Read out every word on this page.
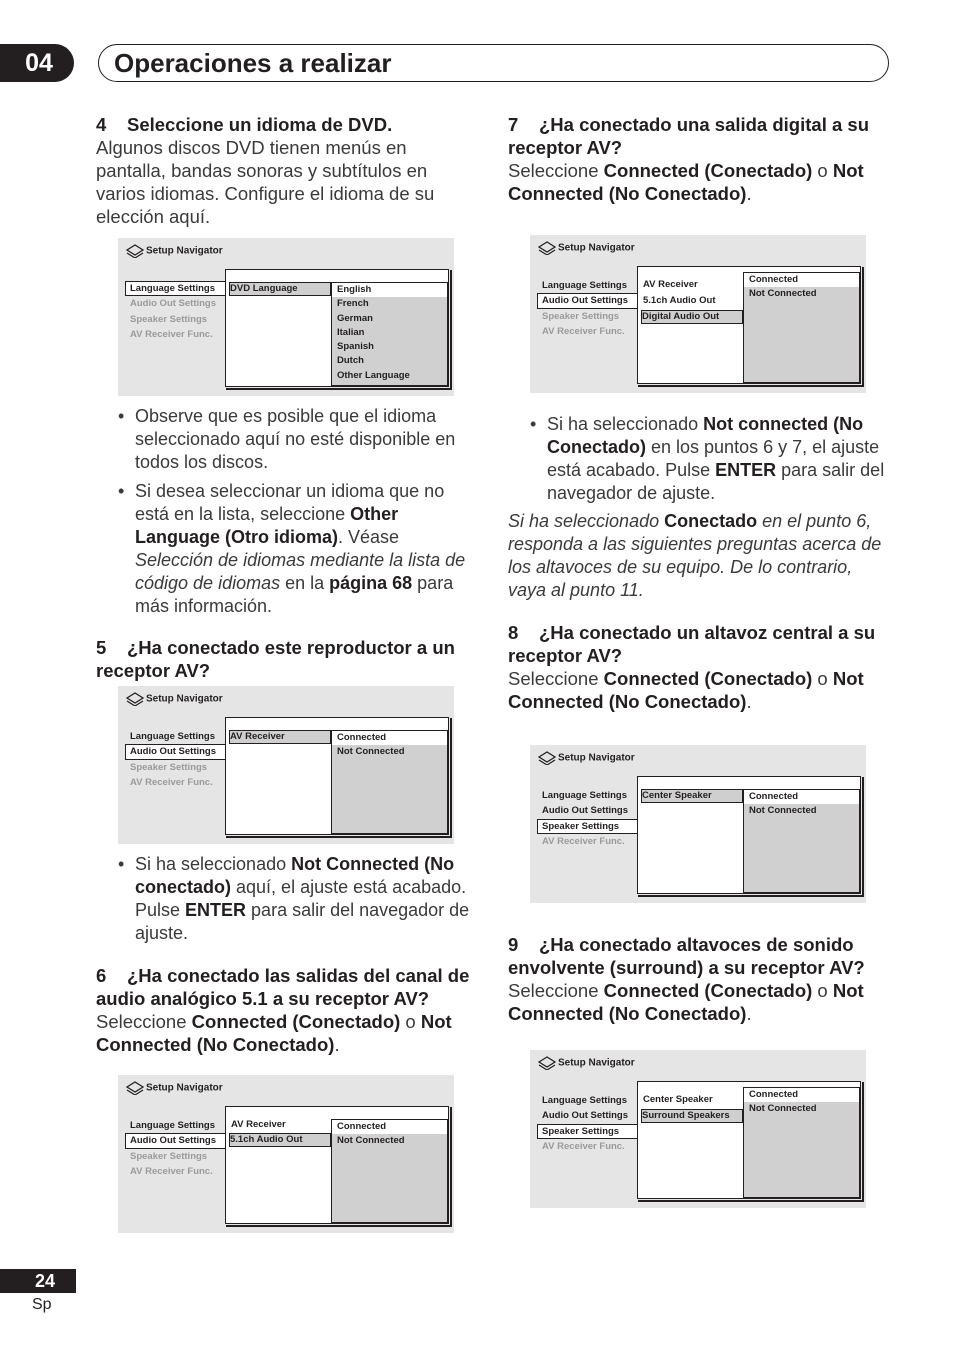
04	Operaciones a realizar
4 Seleccione un idioma de DVD.
Algunos discos DVD tienen menús en pantalla, bandas sonoras y subtítulos en varios idiomas. Configure el idioma de su elección aquí.
Setup Navigator
Language Settings
Audio Out Settings
Speaker Settings
AV Receiver Func.
DVD Language	English
French
German
Italian
Spanish
Dutch
Other Language
• Observe que es posible que el idioma seleccionado aquí no esté disponible en todos los discos.
• Si desea seleccionar un idioma que no está en la lista, seleccione Other Language (Otro idioma). Véase Selección de idiomas mediante la lista de código de idiomas en la página 68 para más información.
5 ¿Ha conectado este reproductor a un receptor AV?
Setup Navigator
Language Settings
Audio Out Settings
Speaker Settings
AV Receiver Func.
AV Receiver	Connected
Not Connected
• Si ha seleccionado Not Connected (No conectado) aquí, el ajuste está acabado. Pulse ENTER para salir del navegador de ajuste.
6 ¿Ha conectado las salidas del canal de audio analógico 5.1 a su receptor AV?
Seleccione Connected (Conectado) o Not Connected (No Conectado).
Setup Navigator
Language Settings
Audio Out Settings
Speaker Settings
AV Receiver Func.
AV Receiver
5.1ch Audio Out
Connected
Not Connected
7 ¿Ha conectado una salida digital a su receptor AV?
Seleccione Connected (Conectado) o Not Connected (No Conectado).
Setup Navigator
Language Settings
Audio Out Settings
Speaker Settings
AV Receiver Func.
AV Receiver
5.1ch Audio Out
Digital Audio Out
Connected
Not Connected
• Si ha seleccionado Not connected (No Conectado) en los puntos 6 y 7, el ajuste está acabado. Pulse ENTER para salir del navegador de ajuste.
Si ha seleccionado Conectado en el punto 6, responda a las siguientes preguntas acerca de los altavoces de su equipo. De lo contrario, vaya al punto 11.
8 ¿Ha conectado un altavoz central a su receptor AV?
Seleccione Connected (Conectado) o Not Connected (No Conectado).
Setup Navigator
Language Settings
Audio Out Settings
Speaker Settings
AV Receiver Func.
Center Speaker	Connected
Not Connected
9 ¿Ha conectado altavoces de sonido envolvente (surround) a su receptor AV?
Seleccione Connected (Conectado) o Not Connected (No Conectado).
Setup Navigator
Language Settings
Audio Out Settings
Speaker Settings
AV Receiver Func.
Center Speaker
Surround Speakers
Connected
Not Connected
24
Sp
